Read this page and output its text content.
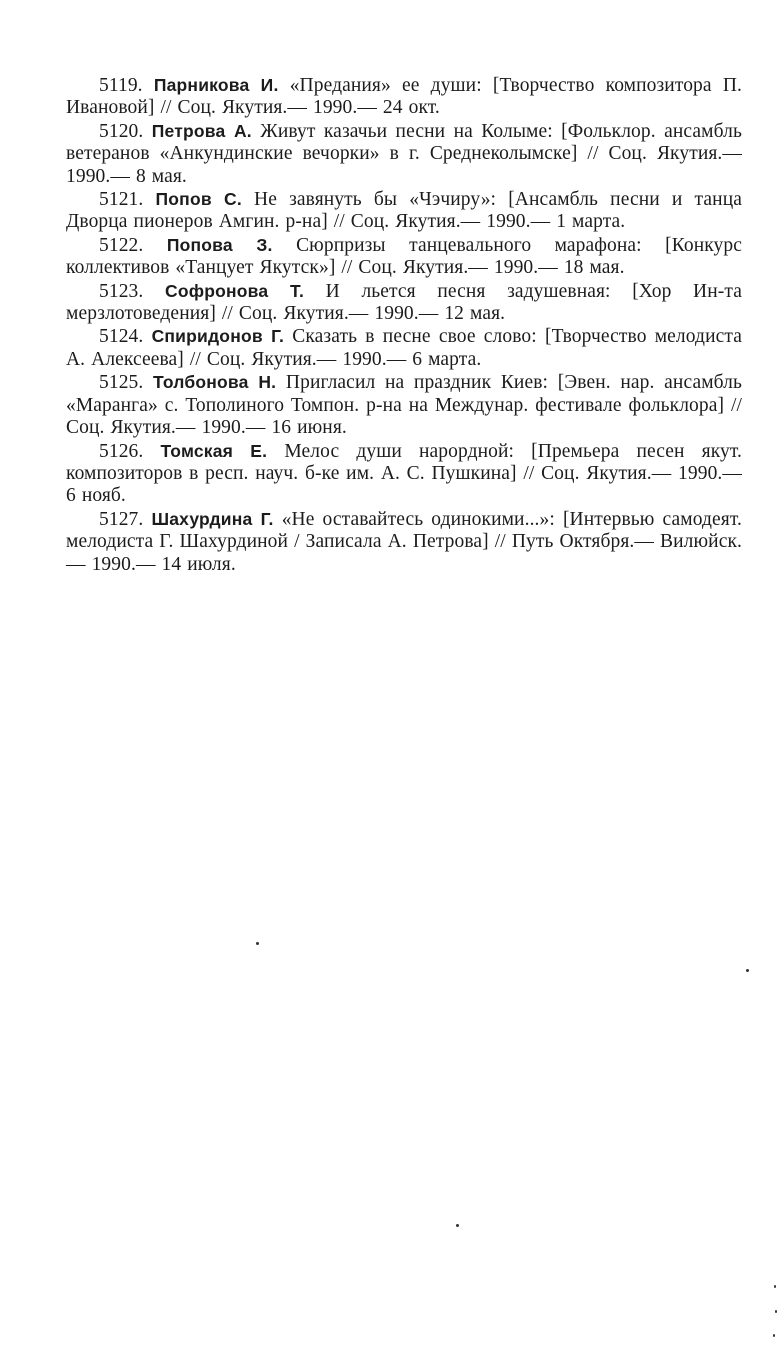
5119. Парникова И. «Предания» ее души: [Творчество композитора П. Ивановой] // Соц. Якутия.— 1990.— 24 окт.

5120. Петрова А. Живут казачьи песни на Колыме: [Фольклор. ансамбль ветеранов «Анкундинские вечорки» в г. Среднеколымске] // Соц. Якутия.— 1990.— 8 мая.

5121. Попов С. Не завянуть бы «Чэчиру»: [Ансамбль песни и танца Дворца пионеров Амгин. р-на] // Соц. Якутия.— 1990.— 1 марта.

5122. Попова З. Сюрпризы танцевального марафона: [Конкурс коллективов «Танцует Якутск»] // Соц. Якутия.— 1990.— 18 мая.

5123. Софронова Т. И льется песня задушевная: [Хор Ин-та мерзлотоведения] // Соц. Якутия.— 1990.— 12 мая.

5124. Спиридонов Г. Сказать в песне свое слово: [Творчество мелодиста А. Алексеева] // Соц. Якутия.— 1990.— 6 марта.

5125. Толбонова Н. Пригласил на праздник Киев: [Эвен. нар. ансамбль «Маранга» с. Тополиного Томпон. р-на на Междунар. фестивале фольклора] // Соц. Якутия.— 1990.— 16 июня.

5126. Томская Е. Мелос души нарордной: [Премьера песен якут. композиторов в респ. науч. б-ке им. А. С. Пушкина] // Соц. Якутия.— 1990.— 6 нояб.

5127. Шахурдина Г. «Не оставайтесь одинокими...»: [Интервью самодеят. мелодиста Г. Шахурдиной / Записала А. Петрова] // Путь Октября.— Вилюйск.— 1990.— 14 июля.
